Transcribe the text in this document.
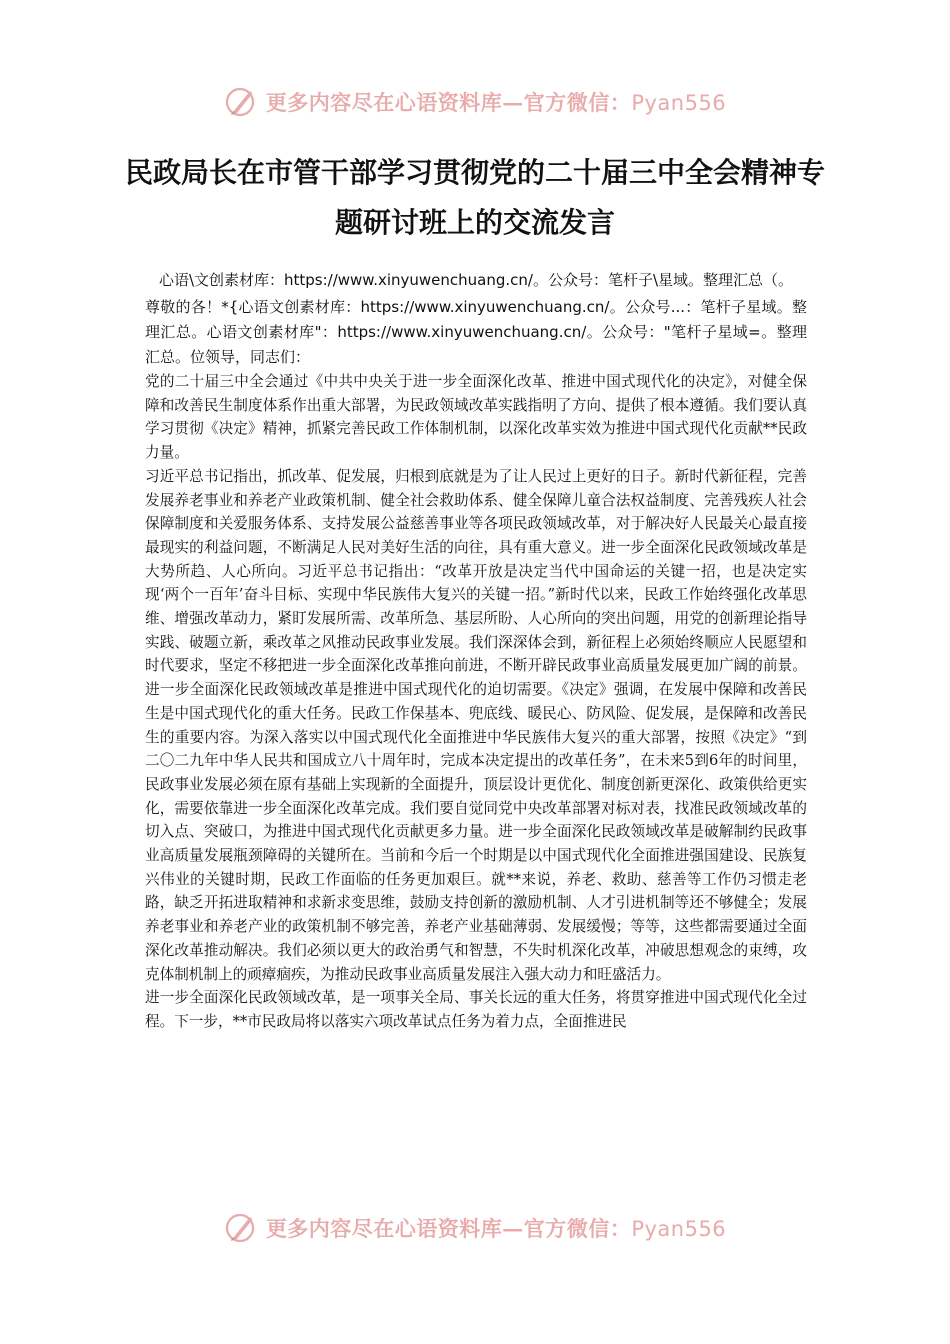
更多内容尽在心语资料库—官方微信：Pyan556
民政局长在市管干部学习贯彻党的二十届三中全会精神专题研讨班上的交流发言

心语\文创素材库：https://www.xinyuwenchuang.cn/。公众号：笔杆子\星域。整理汇总（。

尊敬的各！*{心语文创素材库：https://www.xinyuwenchuang.cn/。公众号...：笔杆子星域。整理汇总。心语文创素材库"：https://www.xinyuwenchuang.cn/。公众号："笔杆子星域=。整理汇总。位领导，同志们：

党的二十届三中全会通过《中共中央关于进一步全面深化改革、推进中国式现代化的决定》，对健全保障和改善民生制度体系作出重大部署，为民政领域改革实践指明了方向、提供了根本遵循。我们要认真学习贯彻《决定》精神，抓紧完善民政工作体制机制，以深化改革实效为推进中国式现代化贡献**民政力量。

习近平总书记指出，抓改革、促发展，归根到底就是为了让人民过上更好的日子。新时代新征程，完善发展养老事业和养老产业政策机制、健全社会救助体系、健全保障儿童合法权益制度、完善残疾人社会保障制度和关爱服务体系、支持发展公益慈善事业等各项民政领域改革，对于解决好人民最关心最直接最现实的利益问题，不断满足人民对美好生活的向往，具有重大意义。进一步全面深化民政领域改革是大势所趋、人心所向。习近平总书记指出：“改革开放是决定当代中国命运的关键一招，也是决定实现‘两个一百年’奋斗目标、实现中华民族伟大复兴的关键一招。”新时代以来，民政工作始终强化改革思维、增强改革动力，紧盯发展所需、改革所急、基层所盼、人心所向的突出问题，用党的创新理论指导实践、破题立新，乘改革之风推动民政事业发展。我们深深体会到，新征程上必须始终顺应人民愿望和时代要求，坚定不移把进一步全面深化改革推向前进，不断开辟民政事业高质量发展更加广阔的前景。进一步全面深化民政领域改革是推进中国式现代化的迫切需要。《决定》强调，在发展中保障和改善民生是中国式现代化的重大任务。民政工作保基本、兜底线、暖民心、防风险、促发展，是保障和改善民生的重要内容。为深入落实以中国式现代化全面推进中华民族伟大复兴的重大部署，按照《决定》“到二〇二九年中华人民共和国成立八十周年时，完成本决定提出的改革任务”，在未来5到6年的时间里，民政事业发展必须在原有基础上实现新的全面提升，顶层设计更优化、制度创新更深化、政策供给更实化，需要依靠进一步全面深化改革完成。我们要自觉同党中央改革部署对标对表，找准民政领域改革的切入点、突破口，为推进中国式现代化贡献更多力量。进一步全面深化民政领域改革是破解制约民政事业高质量发展瓶颈障碍的关键所在。当前和今后一个时期是以中国式现代化全面推进强国建设、民族复兴伟业的关键时期，民政工作面临的任务更加艰巨。就**来说，养老、救助、慈善等工作仍习惯走老路，缺乏开拓进取精神和求新求变思维，鼓励支持创新的激励机制、人才引进机制等还不够健全；发展养老事业和养老产业的政策机制不够完善，养老产业基础薄弱、发展缓慢；等等，这些都需要通过全面深化改革推动解决。我们必须以更大的政治勇气和智慧，不失时机深化改革，冲破思想观念的束缚，攻克体制机制上的顽瘴痼疾，为推动民政事业高质量发展注入强大动力和旺盛活力。

进一步全面深化民政领域改革，是一项事关全局、事关长远的重大任务，将贯穿推进中国式现代化全过程。下一步，**市民政局将以落实六项改革试点任务为着力点，全面推进民

更多内容尽在心语资料库—官方微信：Pyan556
